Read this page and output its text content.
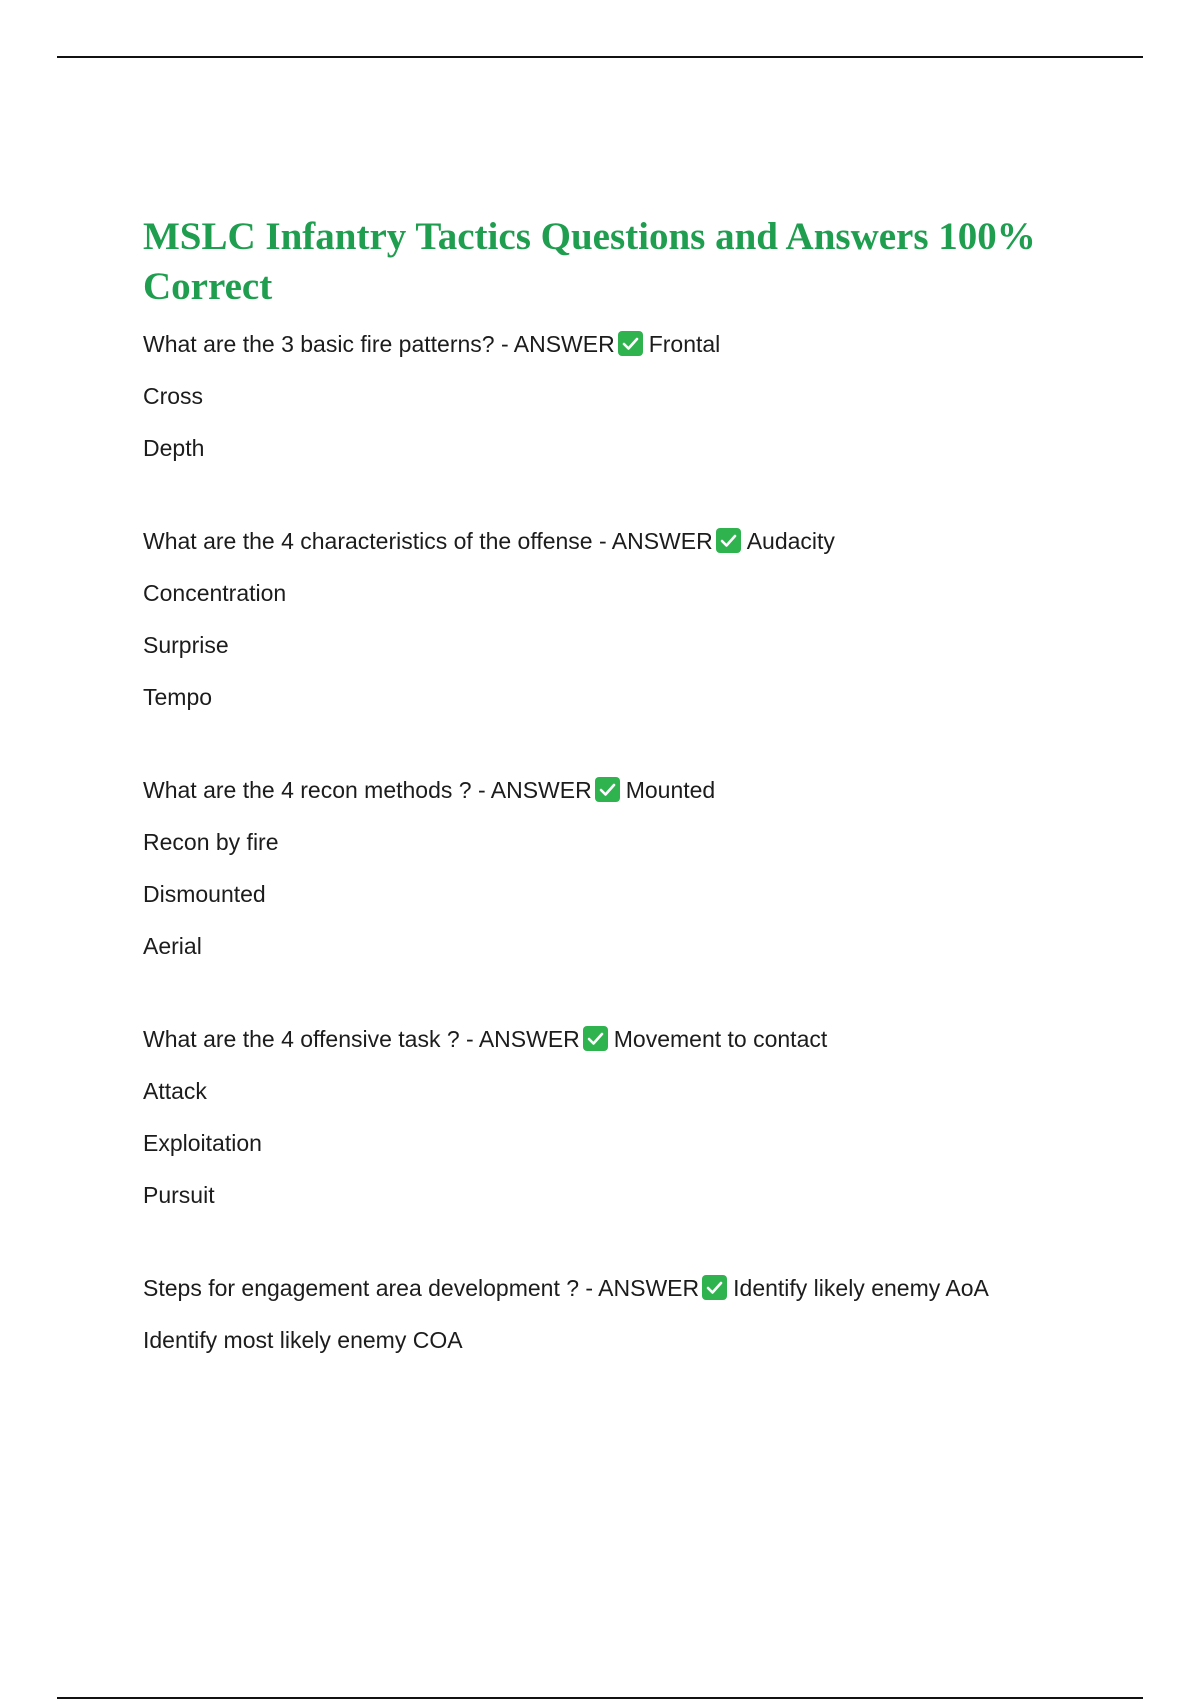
MSLC Infantry Tactics Questions and Answers 100% Correct
What are the 3 basic fire patterns? - ANSWER Frontal
Cross
Depth
What are the 4 characteristics of the offense - ANSWER Audacity
Concentration
Surprise
Tempo
What are the 4 recon methods ? - ANSWER Mounted
Recon by fire
Dismounted
Aerial
What are the 4 offensive task ? - ANSWER Movement to contact
Attack
Exploitation
Pursuit
Steps for engagement area development ? - ANSWER Identify likely enemy AoA
Identify most likely enemy COA
